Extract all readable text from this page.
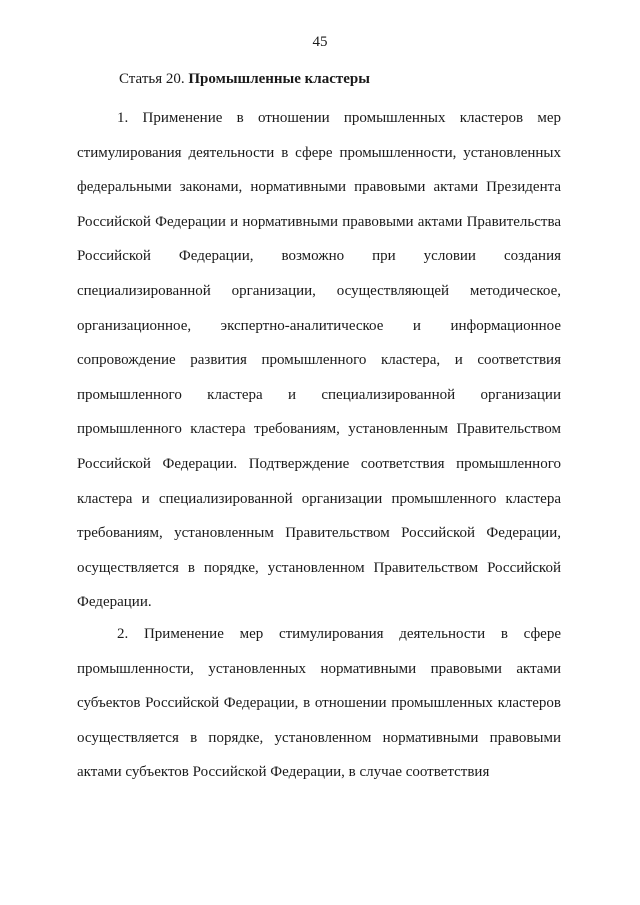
45
Статья 20. Промышленные кластеры

1. Применение в отношении промышленных кластеров мер стимулирования деятельности в сфере промышленности, установленных федеральными законами, нормативными правовыми актами Президента Российской Федерации и нормативными правовыми актами Правительства Российской Федерации, возможно при условии создания специализированной организации, осуществляющей методическое, организационное, экспертно-аналитическое и информационное сопровождение развития промышленного кластера, и соответствия промышленного кластера и специализированной организации промышленного кластера требованиям, установленным Правительством Российской Федерации. Подтверждение соответствия промышленного кластера и специализированной организации промышленного кластера требованиям, установленным Правительством Российской Федерации, осуществляется в порядке, установленном Правительством Российской Федерации.

2. Применение мер стимулирования деятельности в сфере промышленности, установленных нормативными правовыми актами субъектов Российской Федерации, в отношении промышленных кластеров осуществляется в порядке, установленном нормативными правовыми актами субъектов Российской Федерации, в случае соответствия
